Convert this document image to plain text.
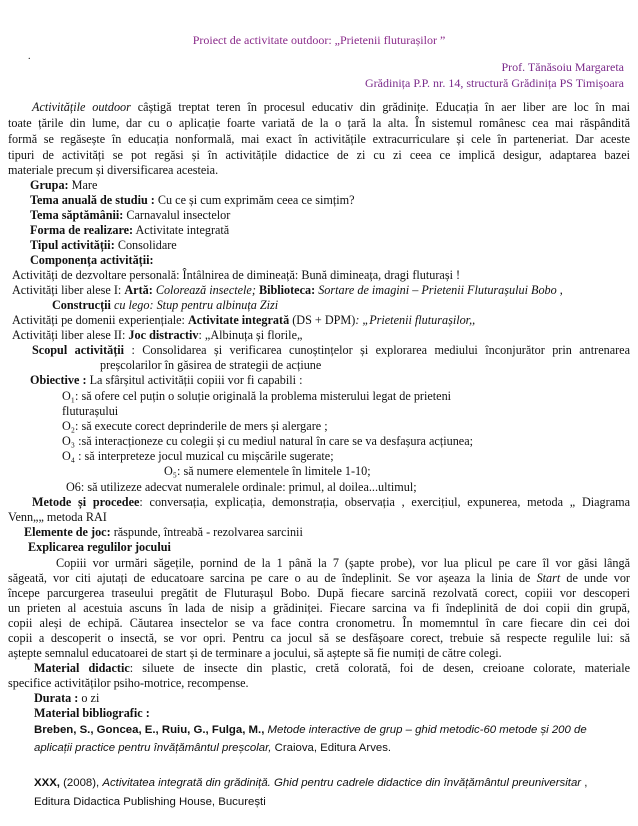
Proiect de activitate outdoor: „Prietenii fluturașilor ”
.
Prof. Tănăsoiu Margareta
Grădinița P.P. nr. 14, structură Grădinița PS Timișoara
Activitățile outdoor câștigă treptat teren în procesul educativ din grădinițe. Educația în aer liber are loc în mai
toate țările din lume, dar cu o aplicație foarte variată de la o țară la alta. În sistemul românesc cea mai răspândită
formă se regăsește în educația nonformală, mai exact în activitățile extracurriculare și cele în parteneriat. Dar aceste
tipuri de activități se pot regăsi și în activitățile didactice de zi cu zi ceea ce implică desigur, adaptarea bazei
materiale precum și diversificarea acesteia.
Grupa: Mare
Tema anuală de studiu : Cu ce și cum exprimăm ceea ce simțim?
Tema săptămânii: Carnavalul insectelor
Forma de realizare: Activitate integrată
Tipul activității: Consolidare
Componența activității:
Activități de dezvoltare personală: Întâlnirea de dimineață: Bună dimineața, dragi fluturași !
Activități liber alese I: Artă: Colorează insectele; Biblioteca: Sortare de imagini – Prietenii Fluturașului Bobo ,
Construcții cu lego: Stup pentru albinuța Zizi
Activități pe domenii experiențiale: Activitate integrată (DS + DPM): „Prietenii fluturașilor,,
Activități liber alese II: Joc distractiv: „Albinuța și florile„
Scopul activității : Consolidarea și verificarea cunoștințelor și explorarea mediului înconjurător prin antrenarea
preșcolarilor în găsirea de strategii de acțiune
Obiective : La sfârșitul activității copiii vor fi capabili :
O₁: să ofere cel puțin o soluție originală la problema misterului legat de prieteni
fluturașului
O₂: să execute corect deprinderile de mers și alergare ;
O₃ :să interacționeze cu colegii și cu mediul natural în care se va desfașura acțiunea;
O₄ : să interpreteze jocul muzical cu mișcările sugerate;
O₅: să numere elementele în limitele 1-10;
O6: să utilizeze adecvat numeralele ordinale: primul, al doilea...ultimul;
Metode și procedee: conversația, explicația, demonstrația, observația , exercițiul, expunerea, metoda „ Diagrama
Venn„„ metoda RAI
Elemente de joc: răspunde, întreabă - rezolvarea sarcinii
Explicarea regulilor jocului
Copiii vor urmări săgețile, pornind de la 1 până la 7 (șapte probe), vor lua plicul pe care îl vor găsi lângă
săgeată, vor citi ajutați de educatoare sarcina pe care o au de îndeplinit. Se vor așeaza la linia de Start de unde vor
începe parcurgerea traseului pregătit de Fluturașul Bobo. După fiecare sarcină rezolvată corect, copiii vor descoperi
un prieten al acestuia ascuns în lada de nisip a grădiniței. Fiecare sarcina va fi îndeplinită de doi copii din grupă,
copii aleși de echipă. Căutarea insectelor se va face contra cronometru. În momemntul în care fiecare din cei doi
copii a descoperit o insectă, se vor opri. Pentru ca jocul să se desfășoare corect, trebuie să respecte regulile lui: să
aștepte semnalul educatoarei de start și de terminare a jocului, să aștepte să fie numiți de către colegi.
Material didactic: siluete de insecte din plastic, cretă colorată, foi de desen, creioane colorate, materiale
specifice activităților psiho-motrice, recompense.
Durata : o zi
Material bibliografic :
Breben, S., Goncea, E., Ruiu, G., Fulga, M., Metode interactive de grup – ghid metodic-60 metode și 200 de
aplicații practice pentru învățământul preșcolar, Craiova, Editura Arves.
XXX, (2008), Activitatea integrată din grădiniță. Ghid pentru cadrele didactice din învățământul preuniversitar ,
Editura Didactica Publishing House, București
